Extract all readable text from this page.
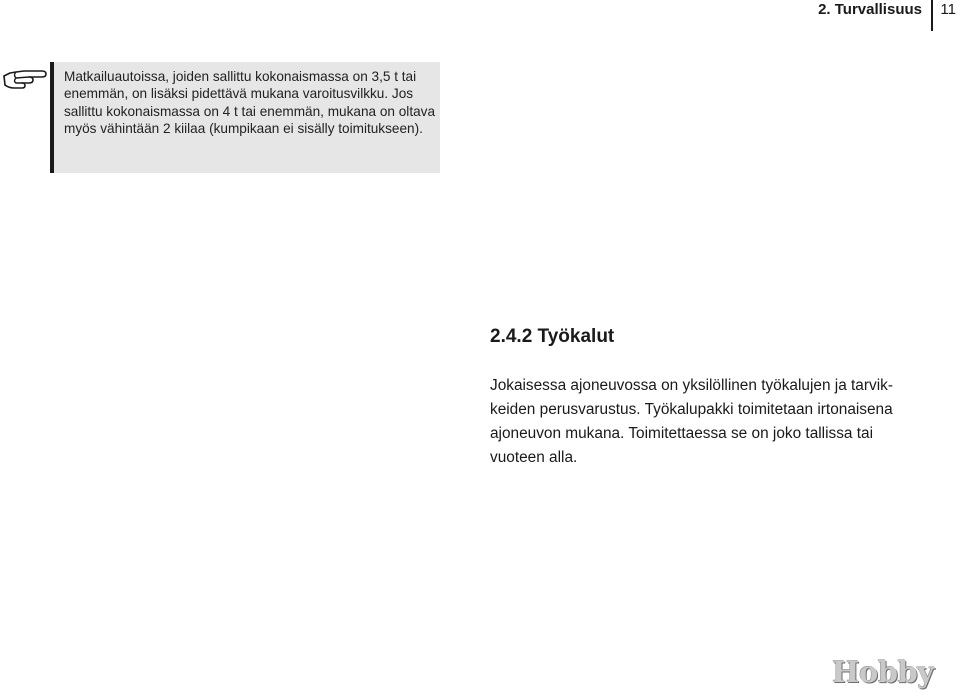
2. Turvallisuus 11

Matkailuautoissa, joiden sallittu kokonaismassa on 3,5 t tai enemmän, on lisäksi pidettävä mukana varoitusvilkku. Jos sallittu kokonaismassa on 4 t tai enemmän, mukana on oltava myös vähintään 2 kiilaa (kumpikaan ei sisälly toimitukseen).

2.4.2 Työkalut

Jokaisessa ajoneuvossa on yksilöllinen työkalujen ja tarvikkeiden perusvarustus. Työkalupakki toimitetaan irtonaisena ajoneuvon mukana. Toimitettaessa se on joko tallissa tai vuoteen alla.

Hobby
